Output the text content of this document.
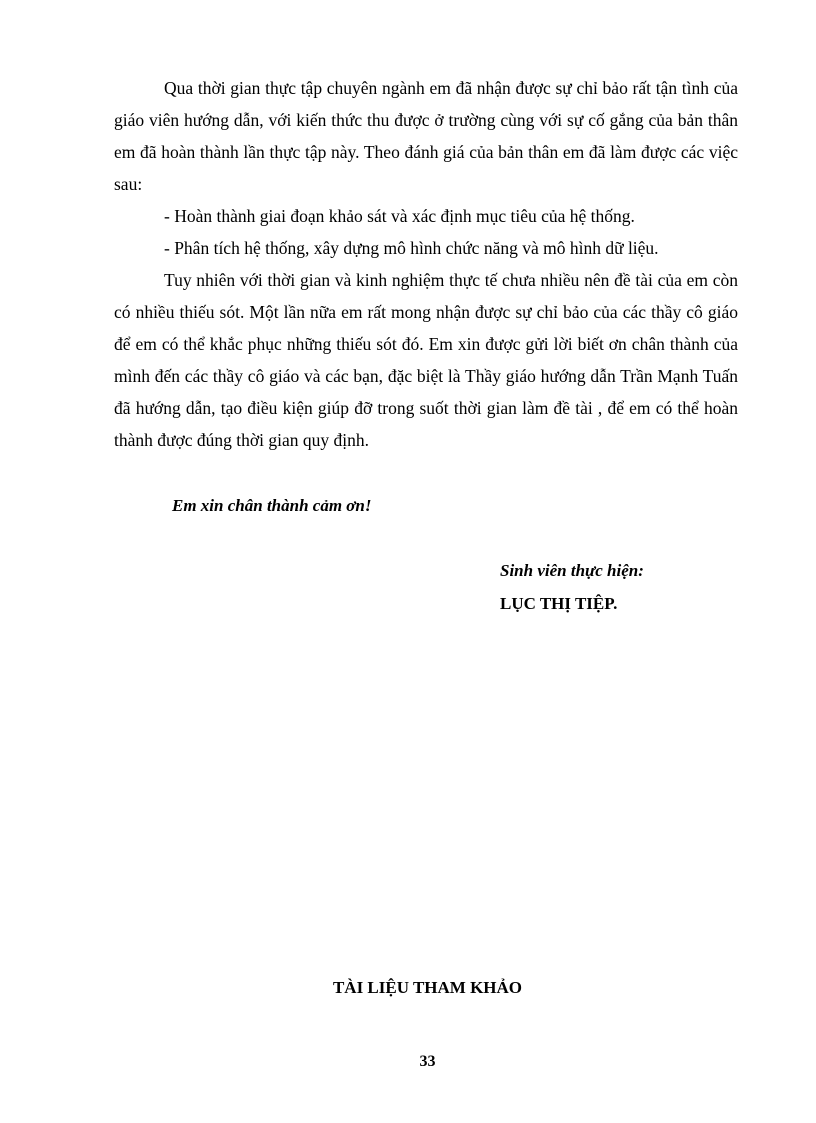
Qua thời gian thực tập chuyên ngành em đã nhận được sự chỉ bảo rất tận tình của giáo viên hướng dẫn, với kiến thức thu được ở trường cùng với sự cố gắng của bản thân em đã hoàn thành lần thực tập này. Theo đánh giá của bản thân em đã làm được các việc sau:

- Hoàn thành giai đoạn khảo sát và xác định mục tiêu của hệ thống.

- Phân tích hệ thống, xây dựng mô hình chức năng và mô hình dữ liệu.

Tuy nhiên với thời gian và kinh nghiệm thực tế chưa nhiều nên đề tài của em còn có nhiều thiếu sót. Một lần nữa em rất mong nhận được sự chỉ bảo của các thầy cô giáo để em có thể khắc phục những thiếu sót đó. Em xin được gửi lời biết ơn chân thành của mình đến các thầy cô giáo và các bạn, đặc biệt là Thầy giáo hướng dẫn Trần Mạnh Tuấn đã hướng dẫn, tạo điều kiện giúp đỡ trong suốt thời gian làm đề tài , để em có thể hoàn thành được đúng thời gian quy định.

Em xin chân thành cảm ơn!

Sinh viên thực hiện:

LỤC THỊ TIỆP.

TÀI LIỆU THAM KHẢO
33
